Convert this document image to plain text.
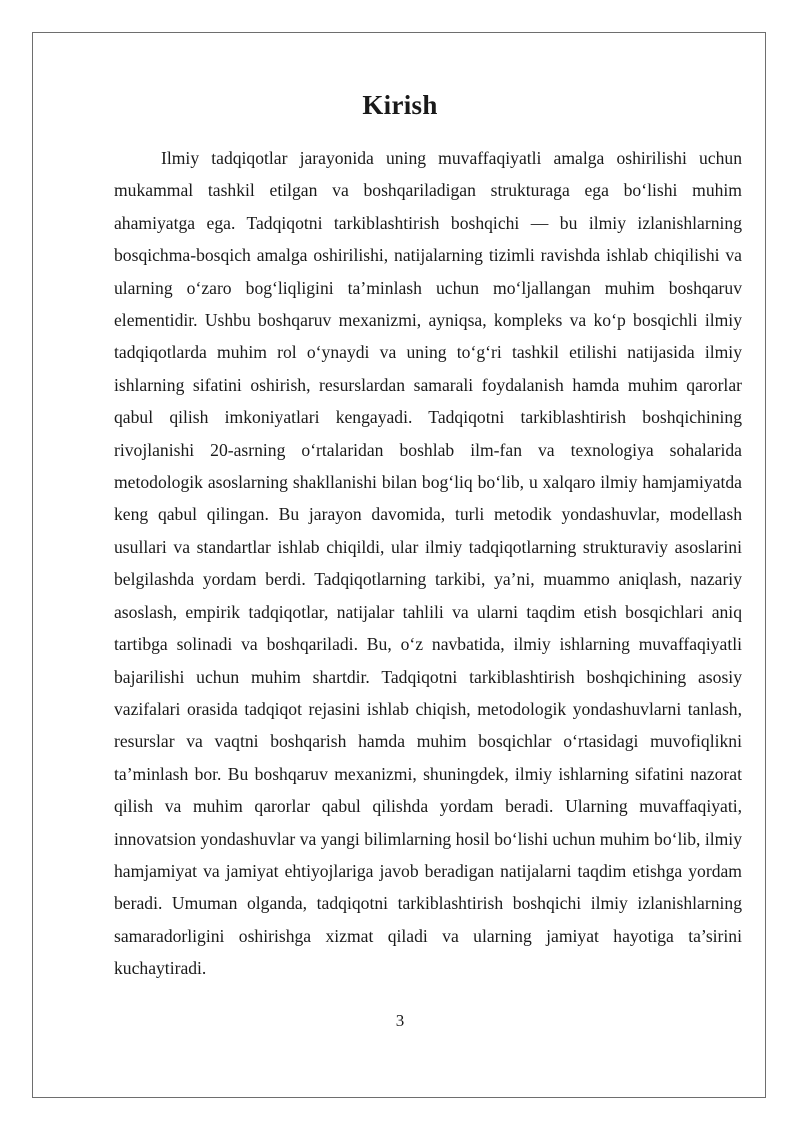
Kirish

Ilmiy tadqiqotlar jarayonida uning muvaffaqiyatli amalga oshirilishi uchun mukammal tashkil etilgan va boshqariladigan strukturaga ega bo‘lishi muhim ahamiyatga ega. Tadqiqotni tarkiblashtirish boshqichi — bu ilmiy izlanishlarning bosqichma-bosqich amalga oshirilishi, natijalarning tizimli ravishda ishlab chiqilishi va ularning o‘zaro bog‘liqligini ta’minlash uchun mo‘ljallangan muhim boshqaruv elementidir. Ushbu boshqaruv mexanizmi, ayniqsa, kompleks va ko‘p bosqichli ilmiy tadqiqotlarda muhim rol o‘ynaydi va uning to‘g‘ri tashkil etilishi natijasida ilmiy ishlarning sifatini oshirish, resurslardan samarali foydalanish hamda muhim qarorlar qabul qilish imkoniyatlari kengayadi. Tadqiqotni tarkiblashtirish boshqichining rivojlanishi 20-asrning o‘rtalaridan boshlab ilm-fan va texnologiya sohalarida metodologik asoslarning shakllanishi bilan bog‘liq bo‘lib, u xalqaro ilmiy hamjamiyatda keng qabul qilingan. Bu jarayon davomida, turli metodik yondashuvlar, modellash usullari va standartlar ishlab chiqildi, ular ilmiy tadqiqotlarning strukturaviy asoslarini belgilashda yordam berdi. Tadqiqotlarning tarkibi, ya’ni, muammo aniqlash, nazariy asoslash, empirik tadqiqotlar, natijalar tahlili va ularni taqdim etish bosqichlari aniq tartibga solinadi va boshqariladi. Bu, o‘z navbatida, ilmiy ishlarning muvaffaqiyatli bajarilishi uchun muhim shartdir. Tadqiqotni tarkiblashtirish boshqichining asosiy vazifalari orasida tadqiqot rejasini ishlab chiqish, metodologik yondashuvlarni tanlash, resurslar va vaqtni boshqarish hamda muhim bosqichlar o‘rtasidagi muvofiqlikni ta’minlash bor. Bu boshqaruv mexanizmi, shuningdek, ilmiy ishlarning sifatini nazorat qilish va muhim qarorlar qabul qilishda yordam beradi. Ularning muvaffaqiyati, innovatsion yondashuvlar va yangi bilimlarning hosil bo‘lishi uchun muhim bo‘lib, ilmiy hamjamiyat va jamiyat ehtiyojlariga javob beradigan natijalarni taqdim etishga yordam beradi. Umuman olganda, tadqiqotni tarkiblashtirish boshqichi ilmiy izlanishlarning samaradorligini oshirishga xizmat qiladi va ularning jamiyat hayotiga ta’sirini kuchaytiradi.

3
